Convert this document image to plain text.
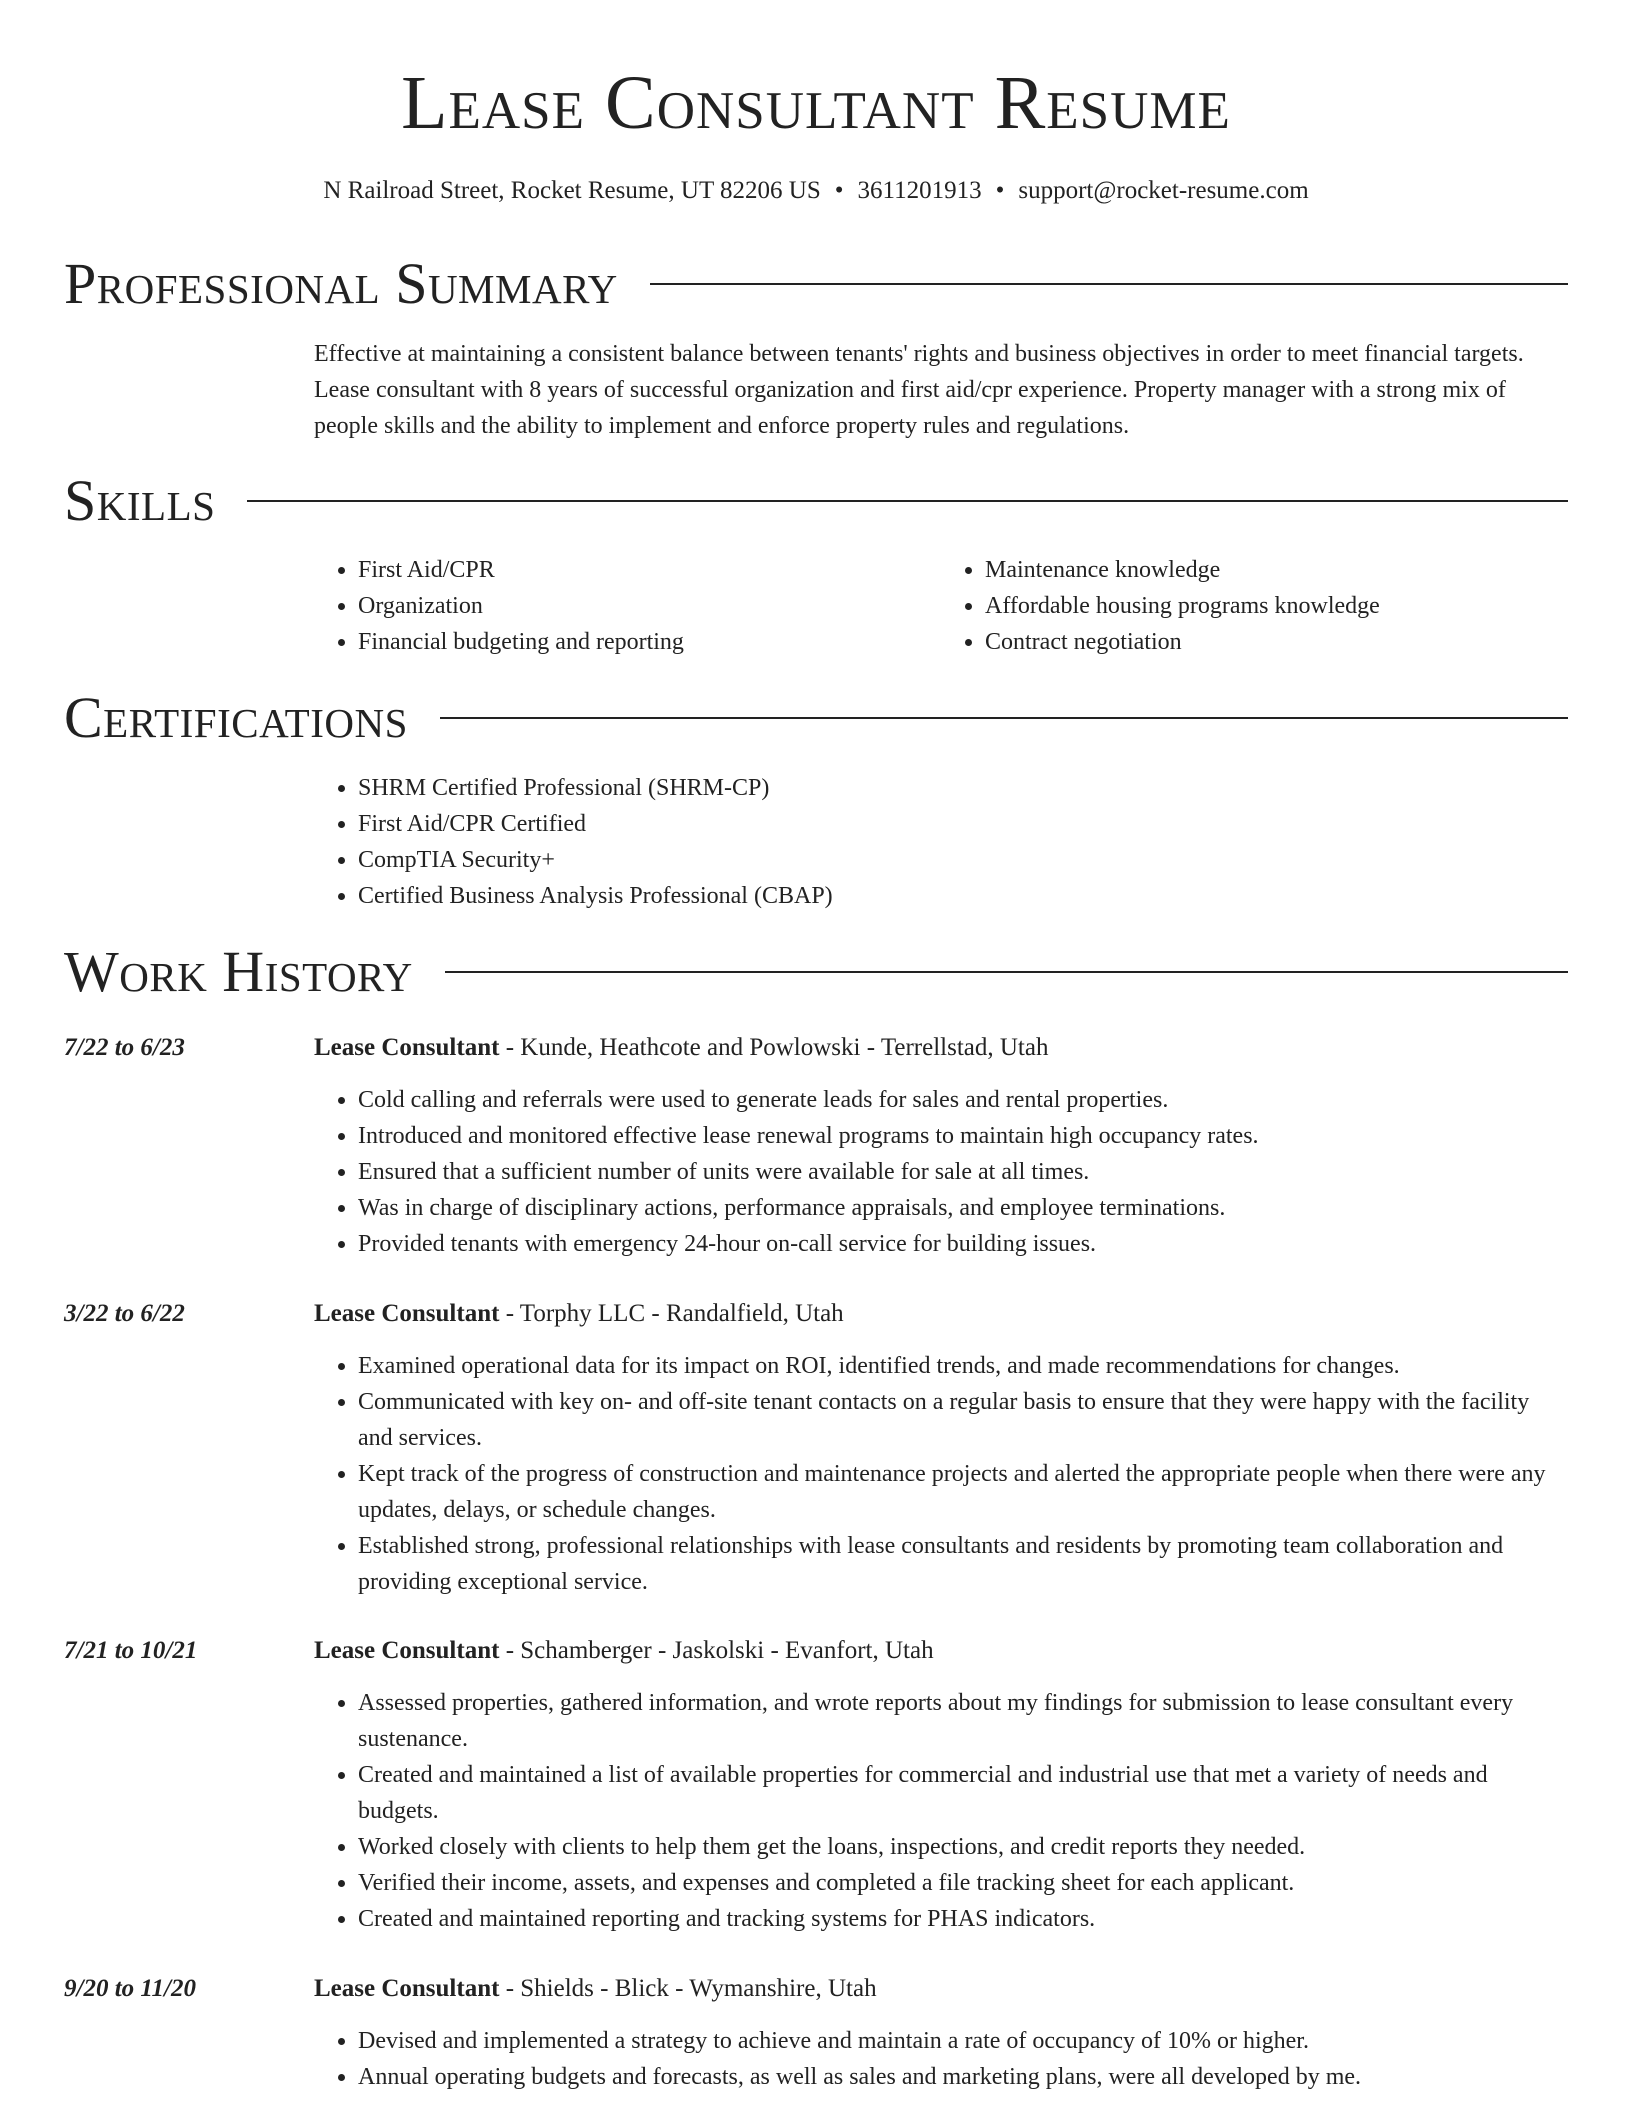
Lease Consultant Resume
N Railroad Street, Rocket Resume, UT 82206 US • 3611201913 • support@rocket-resume.com
Professional Summary

Effective at maintaining a consistent balance between tenants' rights and business objectives in order to meet financial targets. Lease consultant with 8 years of successful organization and first aid/cpr experience. Property manager with a strong mix of people skills and the ability to implement and enforce property rules and regulations.

Skills
• First Aid/CPR
• Organization
• Financial budgeting and reporting
• Maintenance knowledge
• Affordable housing programs knowledge
• Contract negotiation
Certifications
• SHRM Certified Professional (SHRM-CP)
• First Aid/CPR Certified
• CompTIA Security+
• Certified Business Analysis Professional (CBAP)
Work History
7/22 to 6/23	Lease Consultant - Kunde, Heathcote and Powlowski - Terrellstad, Utah

• Cold calling and referrals were used to generate leads for sales and rental properties.
• Introduced and monitored effective lease renewal programs to maintain high occupancy rates.
• Ensured that a sufficient number of units were available for sale at all times.
• Was in charge of disciplinary actions, performance appraisals, and employee terminations.
• Provided tenants with emergency 24-hour on-call service for building issues.
3/22 to 6/22	Lease Consultant - Torphy LLC - Randalfield, Utah

• Examined operational data for its impact on ROI, identified trends, and made recommendations for changes.
• Communicated with key on- and off-site tenant contacts on a regular basis to ensure that they were happy with the facility and services.
• Kept track of the progress of construction and maintenance projects and alerted the appropriate people when there were any updates, delays, or schedule changes.
• Established strong, professional relationships with lease consultants and residents by promoting team collaboration and providing exceptional service.
7/21 to 10/21	Lease Consultant - Schamberger - Jaskolski - Evanfort, Utah

• Assessed properties, gathered information, and wrote reports about my findings for submission to lease consultant every sustenance.
• Created and maintained a list of available properties for commercial and industrial use that met a variety of needs and budgets.
• Worked closely with clients to help them get the loans, inspections, and credit reports they needed.
• Verified their income, assets, and expenses and completed a file tracking sheet for each applicant.
• Created and maintained reporting and tracking systems for PHAS indicators.
9/20 to 11/20	Lease Consultant - Shields - Blick - Wymanshire, Utah

• Devised and implemented a strategy to achieve and maintain a rate of occupancy of 10% or higher.
• Annual operating budgets and forecasts, as well as sales and marketing plans, were all developed by me.
